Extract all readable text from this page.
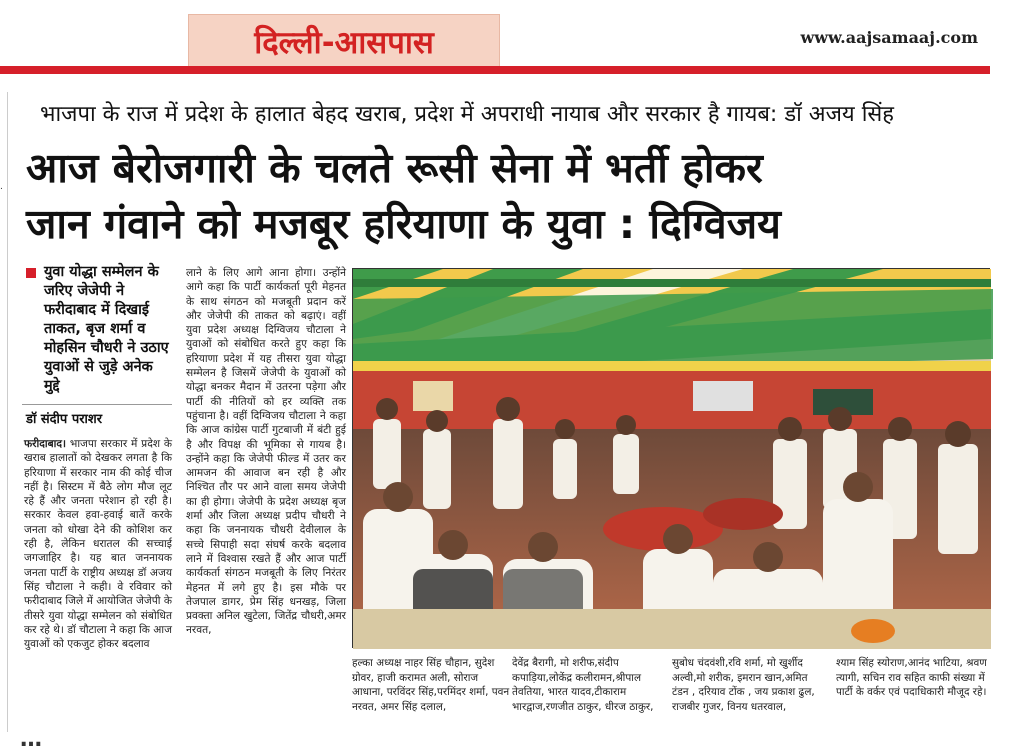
दिल्ली-आसपास	www.aajsamaaj.com
.
भाजपा के राज में प्रदेश के हालात बेहद खराब, प्रदेश में अपराधी नायाब और सरकार है गायब: डॉ अजय सिंह
आज बेरोजगारी के चलते रूसी सेना में भर्ती होकर
जान गंवाने को मजबूर हरियाणा के युवा : दिग्विजय
युवा योद्धा सम्मेलन के जरिए जेजेपी ने फरीदाबाद में दिखाई ताकत, बृज शर्मा व मोहसिन चौधरी ने उठाए युवाओं से जुड़े अनेक मुद्दे
डॉ संदीप पराशर
फरीदाबाद। भाजपा सरकार में प्रदेश के खराब हालातों को देखकर लगता है कि हरियाणा में सरकार नाम की कोई चीज नहीं है। सिस्टम में बैठे लोग मौज लूट रहे हैं और जनता परेशान हो रही है। सरकार केवल हवा-हवाई बातें करके जनता को धोखा देने की कोशिश कर रही है, लेकिन धरातल की सच्चाई जगजाहिर है। यह बात जननायक जनता पार्टी के राष्ट्रीय अध्यक्ष डॉ अजय सिंह चौटाला ने कही। वे रविवार को फरीदाबाद जिले में आयोजित जेजेपी के तीसरे युवा योद्धा सम्मेलन को संबोधित कर रहे थे। डॉ चौटाला ने कहा कि आज युवाओं को एकजुट होकर बदलाव
लाने के लिए आगे आना होगा। उन्होंने आगे कहा कि पार्टी कार्यकर्ता पूरी मेहनत के साथ संगठन को मजबूती प्रदान करें और जेजेपी की ताकत को बढ़ाएं। वहीं युवा प्रदेश अध्यक्ष दिग्विजय चौटाला ने युवाओं को संबोधित करते हुए कहा कि हरियाणा प्रदेश में यह तीसरा युवा योद्धा सम्मेलन है जिसमें जेजेपी के युवाओं को योद्धा बनकर मैदान में उतरना पड़ेगा और पार्टी की नीतियों को हर व्यक्ति तक पहुंचाना है। वहीं दिग्विजय चौटाला ने कहा कि आज कांग्रेस पार्टी गुटबाजी में बंटी हुई है और विपक्ष की भूमिका से गायब है। उन्होंने कहा कि जेजेपी फील्ड में उतर कर आमजन की आवाज बन रही है और निश्चित तौर पर आने वाला समय जेजेपी का ही होगा। जेजेपी के प्रदेश अध्यक्ष बृज शर्मा और जिला अध्यक्ष प्रदीप चौधरी ने कहा कि जननायक चौधरी देवीलाल के सच्चे सिपाही सदा संघर्ष करके बदलाव लाने में विश्वास रखते हैं और आज पार्टी कार्यकर्ता संगठन मजबूती के लिए निरंतर मेहनत में लगे हुए है। इस मौके पर तेजपाल डागर, प्रेम सिंह धनखड़, जिला प्रवक्ता अनिल खुटेला, जितेंद्र चौधरी,अमर नरवत,
हल्का अध्यक्ष नाहर सिंह चौहान, सुदेश ग्रोवर, हाजी करामत अली, सोराज आधाना, परविंदर सिंह,परमिंदर शर्मा, पवन नरवत, अमर सिंह दलाल,
देवेंद्र बैरागी, मो शरीफ,संदीप कपाड़िया,लोकेंद्र कलीरामन,श्रीपाल तेवतिया, भारत यादव,टीकाराम भारद्वाज,रणजीत ठाकुर, धीरज ठाकुर,
सुबोध चंदवंशी,रवि शर्मा, मो खुर्शीद अल्वी,मो शरीक, इमरान खान,अमित टंडन , दरियाव टोंक , जय प्रकाश ढुल, राजबीर गुजर, विनय धतरवाल,
श्याम सिंह स्योराण,आनंद भाटिया, श्रवण त्यागी, सचिन राव सहित काफी संख्या में पार्टी के वर्कर एवं पदाधिकारी मौजूद रहे।
…
